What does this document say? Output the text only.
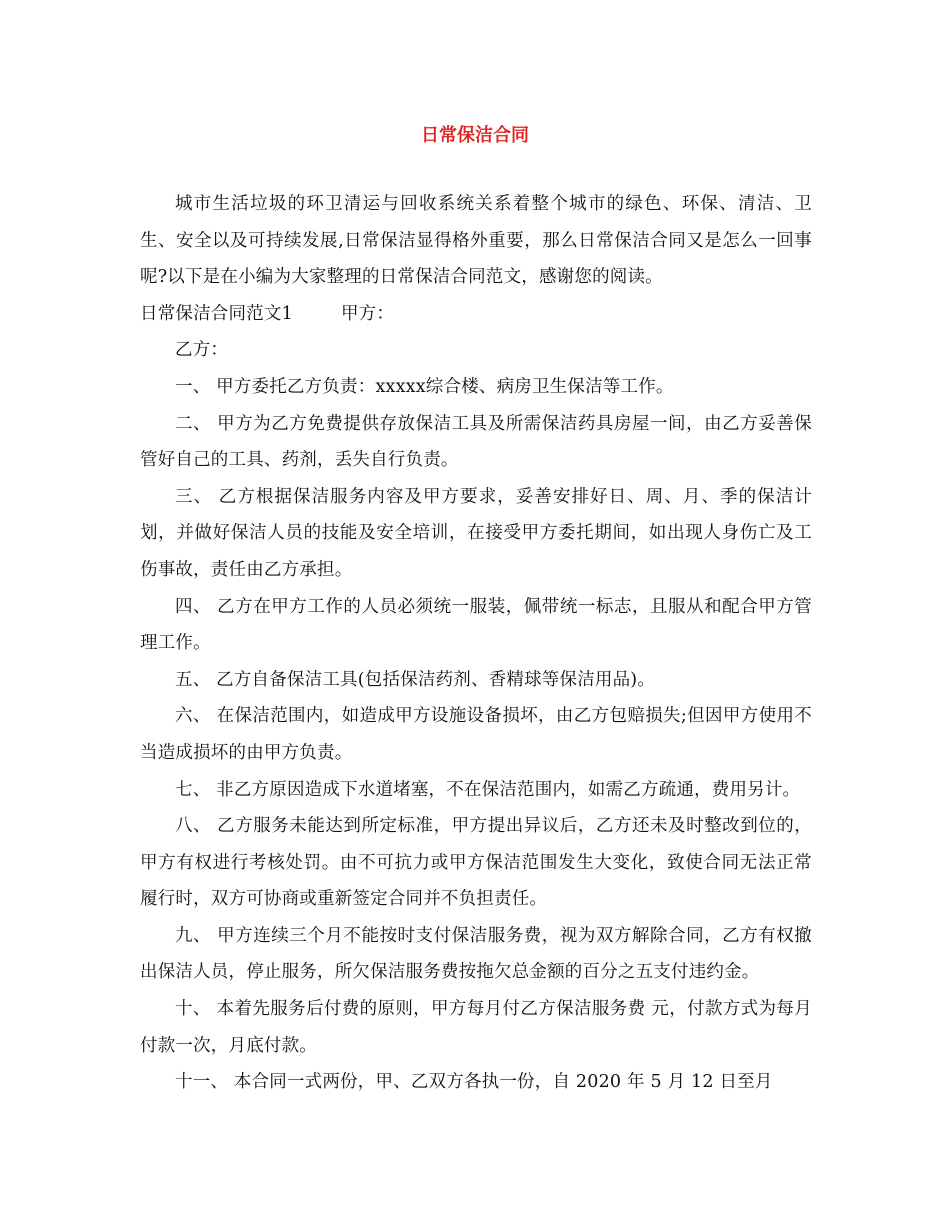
日常保洁合同

城市生活垃圾的环卫清运与回收系统关系着整个城市的绿色、环保、清洁、卫生、安全以及可持续发展,日常保洁显得格外重要，那么日常保洁合同又是怎么一回事呢?以下是在小编为大家整理的日常保洁合同范文，感谢您的阅读。

日常保洁合同范文1	甲方：

乙方：

一、 甲方委托乙方负责：xxxxx综合楼、病房卫生保洁等工作。

二、 甲方为乙方免费提供存放保洁工具及所需保洁药具房屋一间，由乙方妥善保管好自己的工具、药剂，丢失自行负责。

三、 乙方根据保洁服务内容及甲方要求，妥善安排好日、周、月、季的保洁计划，并做好保洁人员的技能及安全培训，在接受甲方委托期间，如出现人身伤亡及工伤事故，责任由乙方承担。

四、 乙方在甲方工作的人员必须统一服装，佩带统一标志，且服从和配合甲方管理工作。

五、 乙方自备保洁工具(包括保洁药剂、香精球等保洁用品)。

六、 在保洁范围内，如造成甲方设施设备损坏，由乙方包赔损失;但因甲方使用不当造成损坏的由甲方负责。

七、 非乙方原因造成下水道堵塞，不在保洁范围内，如需乙方疏通，费用另计。

八、 乙方服务未能达到所定标准，甲方提出异议后，乙方还未及时整改到位的，甲方有权进行考核处罚。由不可抗力或甲方保洁范围发生大变化，致使合同无法正常履行时，双方可协商或重新签定合同并不负担责任。

九、 甲方连续三个月不能按时支付保洁服务费，视为双方解除合同，乙方有权撤出保洁人员，停止服务，所欠保洁服务费按拖欠总金额的百分之五支付违约金。

十、 本着先服务后付费的原则，甲方每月付乙方保洁服务费 元，付款方式为每月付款一次，月底付款。

十一、 本合同一式两份，甲、乙双方各执一份，自 2020 年 5 月 12 日至月
